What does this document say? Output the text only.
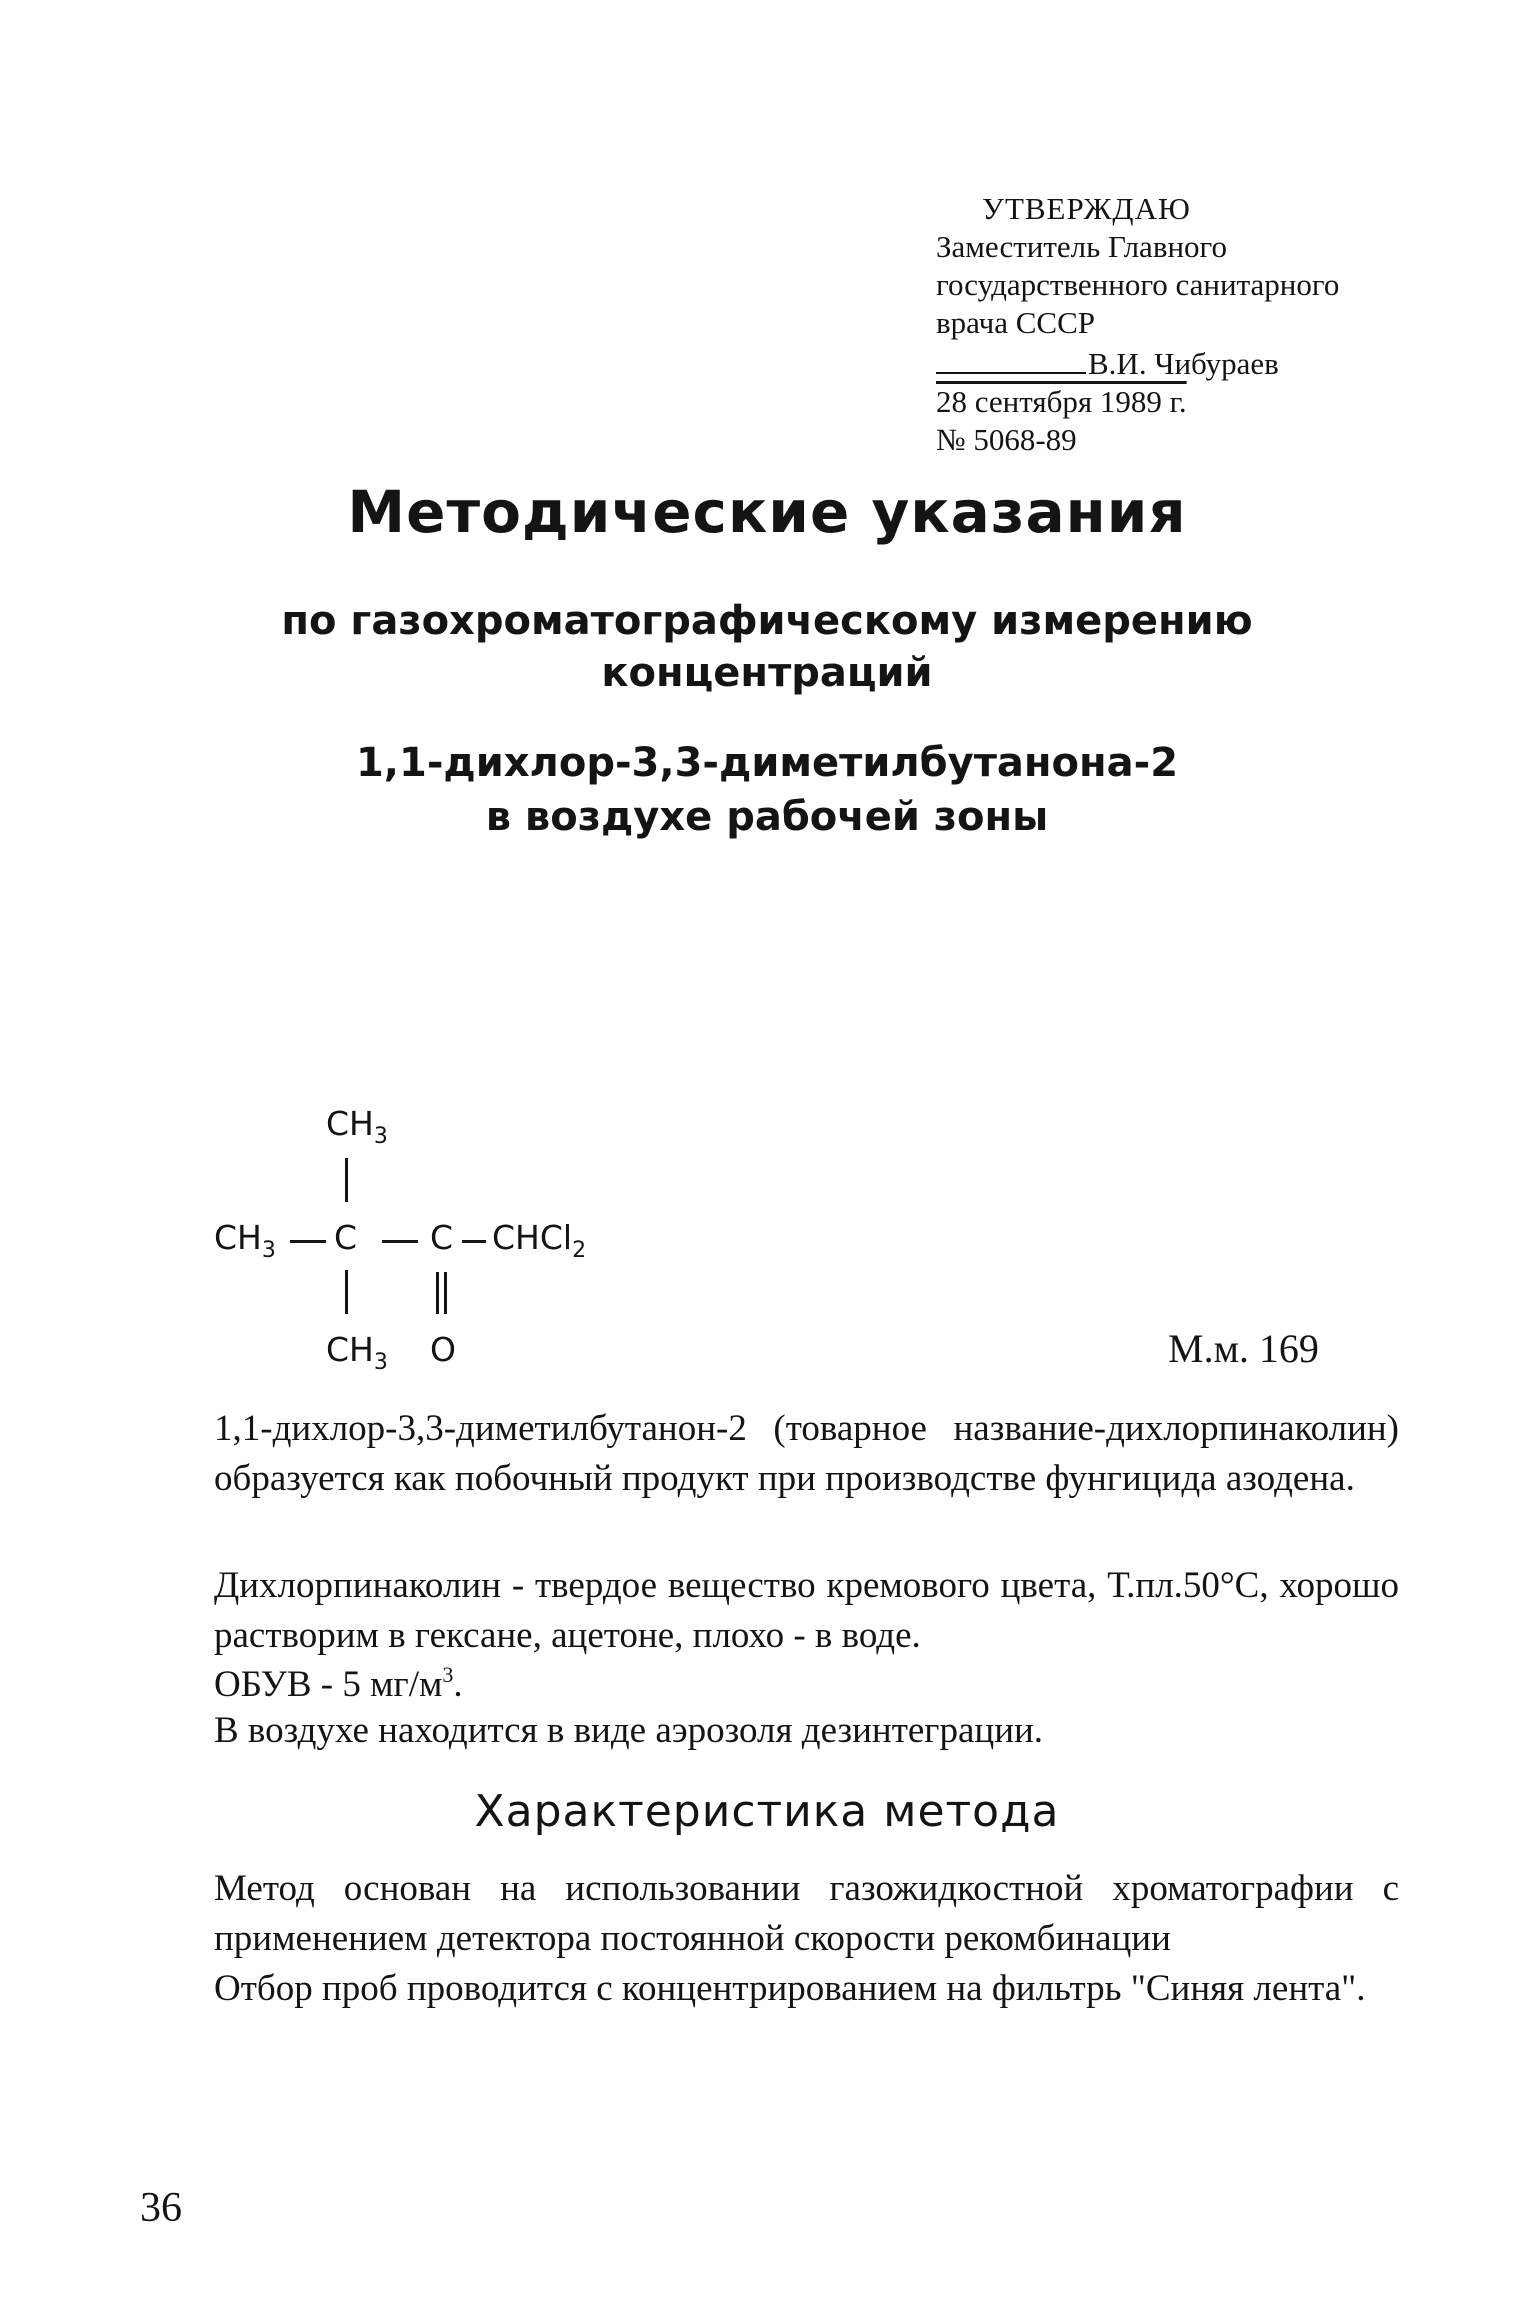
УТВЕРЖДАЮ
Заместитель Главного
государственного санитарного
врача СССР
В.И. Чибураев
28 сентября 1989 г.
№ 5068-89
Методические указания
по газохроматографическому измерению
концентраций
1,1-дихлор-3,3-диметилбутанона-2
в воздухе рабочей зоны
$CH_3$
$CH_3$ C C CHCl$_2$
$CH_3$ O	М.м. 169
1,1-дихлор-3,3-диметилбутанон-2 (товарное название-дихлорпинаколин) образуется как побочный продукт при производстве фунгицида азодена.
Дихлорпинаколин - твердое вещество кремового цвета, Т.пл.50°С, хорошо растворим в гексане, ацетоне, плохо - в воде.
ОБУВ - 5 $мг/м^3$.
В воздухе находится в виде аэрозоля дезинтеграции.
Характеристика метода
Метод основан на использовании газожидкостной хроматографии с применением детектора постоянной скорости рекомбинации
Отбор проб проводится с концентрированием на фильтрь "Синяя лента".
36
